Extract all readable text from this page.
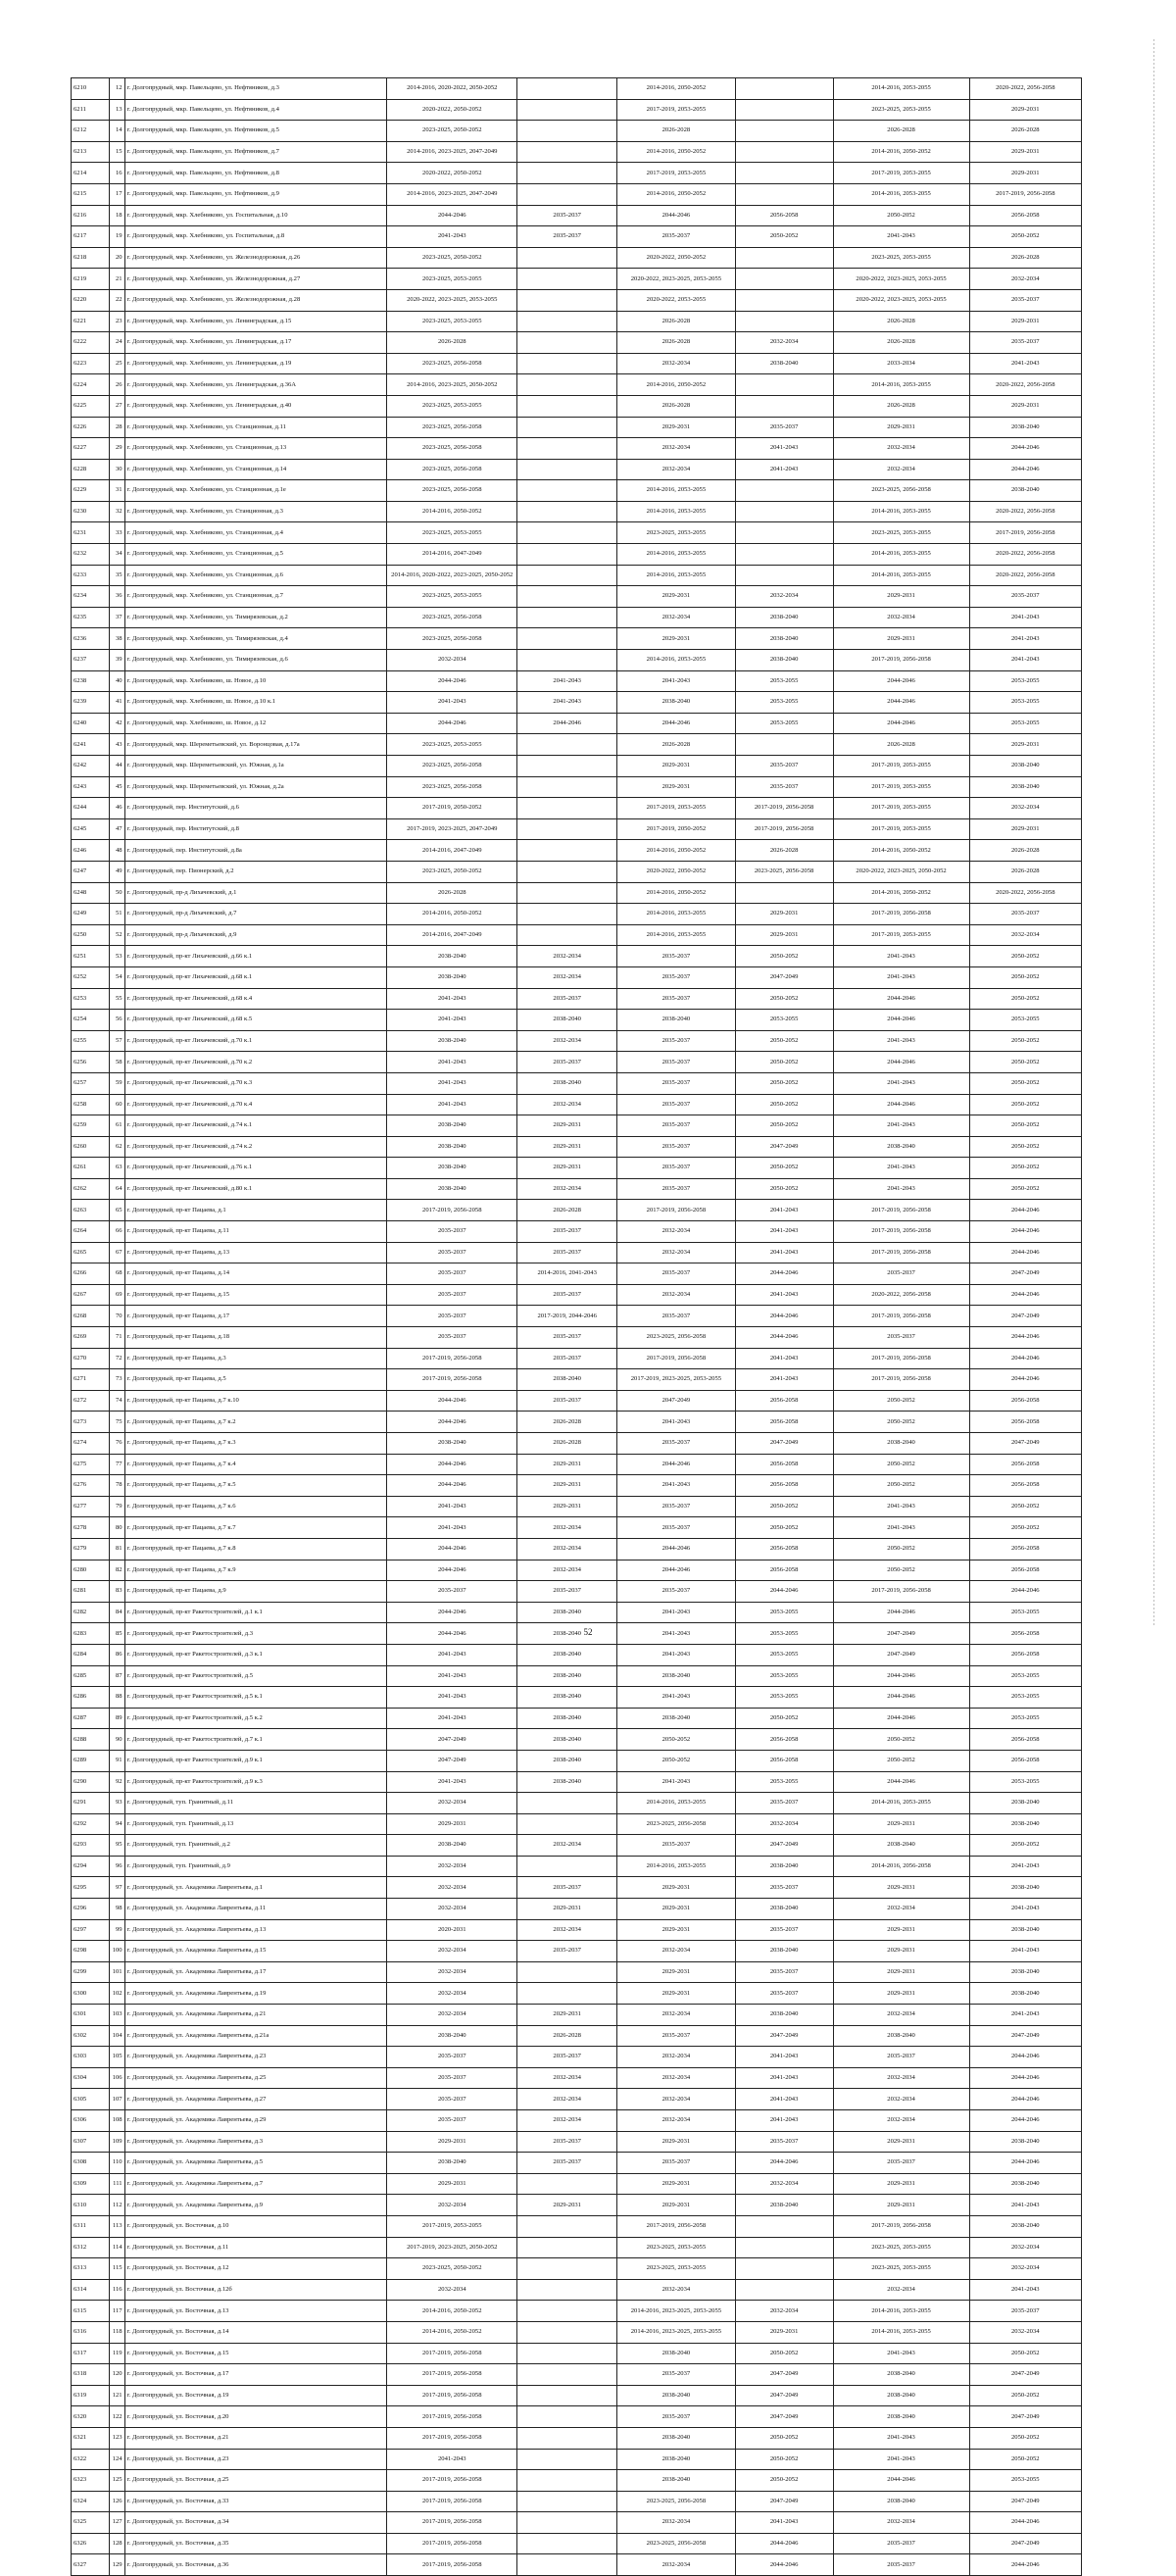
6210	12	г. Долгопрудный, мкр. Павельцево, ул. Нефтяников, д.3	2014-2016, 2020-2022, 2050-2052		2014-2016, 2050-2052		2014-2016, 2053-2055	2020-2022, 2056-2058
6211	13	г. Долгопрудный, мкр. Павельцево, ул. Нефтяников, д.4	2020-2022, 2050-2052		2017-2019, 2053-2055		2023-2025, 2053-2055	2029-2031
6212	14	г. Долгопрудный, мкр. Павельцево, ул. Нефтяников, д.5	2023-2025, 2050-2052		2026-2028		2026-2028	2026-2028
6213	15	г. Долгопрудный, мкр. Павельцево, ул. Нефтяников, д.7	2014-2016, 2023-2025, 2047-2049		2014-2016, 2050-2052		2014-2016, 2050-2052	2029-2031
6214	16	г. Долгопрудный, мкр. Павельцево, ул. Нефтяников, д.8	2020-2022, 2050-2052		2017-2019, 2053-2055		2017-2019, 2053-2055	2029-2031
6215	17	г. Долгопрудный, мкр. Павельцево, ул. Нефтяников, д.9	2014-2016, 2023-2025, 2047-2049		2014-2016, 2050-2052		2014-2016, 2053-2055	2017-2019, 2056-2058
6216	18	г. Долгопрудный, мкр. Хлебниково, ул. Госпитальная, д.10	2044-2046	2035-2037	2044-2046	2056-2058	2050-2052	2056-2058
6217	19	г. Долгопрудный, мкр. Хлебниково, ул. Госпитальная, д.8	2041-2043	2035-2037	2035-2037	2050-2052	2041-2043	2050-2052
6218	20	г. Долгопрудный, мкр. Хлебниково, ул. Железнодорожная, д.26	2023-2025, 2050-2052		2020-2022, 2050-2052		2023-2025, 2053-2055	2026-2028
6219	21	г. Долгопрудный, мкр. Хлебниково, ул. Железнодорожная, д.27	2023-2025, 2053-2055		2020-2022, 2023-2025, 2053-2055		2020-2022, 2023-2025, 2053-2055	2032-2034
6220	22	г. Долгопрудный, мкр. Хлебниково, ул. Железнодорожная, д.28	2020-2022, 2023-2025, 2053-2055		2020-2022, 2053-2055		2020-2022, 2023-2025, 2053-2055	2035-2037
6221	23	г. Долгопрудный, мкр. Хлебниково, ул. Ленинградская, д.15	2023-2025, 2053-2055		2026-2028		2026-2028	2029-2031
6222	24	г. Долгопрудный, мкр. Хлебниково, ул. Ленинградская, д.17	2026-2028		2026-2028	2032-2034	2026-2028	2035-2037
6223	25	г. Долгопрудный, мкр. Хлебниково, ул. Ленинградская, д.19	2023-2025, 2056-2058		2032-2034	2038-2040	2033-2034	2041-2043
6224	26	г. Долгопрудный, мкр. Хлебниково, ул. Ленинградская, д.36А	2014-2016, 2023-2025, 2050-2052		2014-2016, 2050-2052		2014-2016, 2053-2055	2020-2022, 2056-2058
6225	27	г. Долгопрудный, мкр. Хлебниково, ул. Ленинградская, д.40	2023-2025, 2053-2055		2026-2028		2026-2028	2029-2031
6226	28	г. Долгопрудный, мкр. Хлебниково, ул. Станционная, д.11	2023-2025, 2056-2058		2029-2031	2035-2037	2029-2031	2038-2040
6227	29	г. Долгопрудный, мкр. Хлебниково, ул. Станционная, д.13	2023-2025, 2056-2058		2032-2034	2041-2043	2032-2034	2044-2046
6228	30	г. Долгопрудный, мкр. Хлебниково, ул. Станционная, д.14	2023-2025, 2056-2058		2032-2034	2041-2043	2032-2034	2044-2046
6229	31	г. Долгопрудный, мкр. Хлебниково, ул. Станционная, д.1е	2023-2025, 2056-2058		2014-2016, 2053-2055		2023-2025, 2056-2058	2038-2040
6230	32	г. Долгопрудный, мкр. Хлебниково, ул. Станционная, д.3	2014-2016, 2050-2052		2014-2016, 2053-2055		2014-2016, 2053-2055	2020-2022, 2056-2058
6231	33	г. Долгопрудный, мкр. Хлебниково, ул. Станционная, д.4	2023-2025, 2053-2055		2023-2025, 2053-2055		2023-2025, 2053-2055	2017-2019, 2056-2058
6232	34	г. Долгопрудный, мкр. Хлебниково, ул. Станционная, д.5	2014-2016, 2047-2049		2014-2016, 2053-2055		2014-2016, 2053-2055	2020-2022, 2056-2058
6233	35	г. Долгопрудный, мкр. Хлебниково, ул. Станционная, д.6	2014-2016, 2020-2022, 2023-2025, 2050-2052		2014-2016, 2053-2055		2014-2016, 2053-2055	2020-2022, 2056-2058
6234	36	г. Долгопрудный, мкр. Хлебниково, ул. Станционная, д.7	2023-2025, 2053-2055		2029-2031	2032-2034	2029-2031	2035-2037
6235	37	г. Долгопрудный, мкр. Хлебниково, ул. Тимирязевская, д.2	2023-2025, 2056-2058		2032-2034	2038-2040	2032-2034	2041-2043
6236	38	г. Долгопрудный, мкр. Хлебниково, ул. Тимирязевская, д.4	2023-2025, 2056-2058		2029-2031	2038-2040	2029-2031	2041-2043
6237	39	г. Долгопрудный, мкр. Хлебниково, ул. Тимирязевская, д.6	2032-2034		2014-2016, 2053-2055	2038-2040	2017-2019, 2056-2058	2041-2043
6238	40	г. Долгопрудный, мкр. Хлебниково, ш. Новое, д.10	2044-2046	2041-2043	2041-2043	2053-2055	2044-2046	2053-2055
6239	41	г. Долгопрудный, мкр. Хлебниково, ш. Новое, д.10 к.1	2041-2043	2041-2043	2038-2040	2053-2055	2044-2046	2053-2055
6240	42	г. Долгопрудный, мкр. Хлебниково, ш. Новое, д.12	2044-2046	2044-2046	2044-2046	2053-2055	2044-2046	2053-2055
6241	43	г. Долгопрудный, мкр. Шереметьевский, ул. Воронцовая, д.17а	2023-2025, 2053-2055		2026-2028		2026-2028	2029-2031
6242	44	г. Долгопрудный, мкр. Шереметьевский, ул. Южная, д.1а	2023-2025, 2056-2058		2029-2031	2035-2037	2017-2019, 2053-2055	2038-2040
6243	45	г. Долгопрудный, мкр. Шереметьевский, ул. Южная, д.2а	2023-2025, 2056-2058		2029-2031	2035-2037	2017-2019, 2053-2055	2038-2040
6244	46	г. Долгопрудный, пер. Институтский, д.6	2017-2019, 2050-2052		2017-2019, 2053-2055	2017-2019, 2056-2058	2017-2019, 2053-2055	2032-2034
6245	47	г. Долгопрудный, пер. Институтский, д.8	2017-2019, 2023-2025, 2047-2049		2017-2019, 2050-2052	2017-2019, 2056-2058	2017-2019, 2053-2055	2029-2031
6246	48	г. Долгопрудный, пер. Институтский, д.8а	2014-2016, 2047-2049		2014-2016, 2050-2052	2026-2028	2014-2016, 2050-2052	2026-2028
6247	49	г. Долгопрудный, пер. Пионерский, д.2	2023-2025, 2050-2052		2020-2022, 2050-2052	2023-2025, 2056-2058	2020-2022, 2023-2025, 2050-2052	2026-2028
6248	50	г. Долгопрудный, пр-д Лихачевский, д.1	2026-2028		2014-2016, 2050-2052		2014-2016, 2050-2052	2020-2022, 2056-2058
6249	51	г. Долгопрудный, пр-д Лихачевский, д.7	2014-2016, 2050-2052		2014-2016, 2053-2055	2029-2031	2017-2019, 2056-2058	2035-2037
6250	52	г. Долгопрудный, пр-д Лихачевский, д.9	2014-2016, 2047-2049		2014-2016, 2053-2055	2029-2031	2017-2019, 2053-2055	2032-2034
6251	53	г. Долгопрудный, пр-кт Лихачевский, д.66 к.1	2038-2040	2032-2034	2035-2037	2050-2052	2041-2043	2050-2052
6252	54	г. Долгопрудный, пр-кт Лихачевский, д.68 к.1	2038-2040	2032-2034	2035-2037	2047-2049	2041-2043	2050-2052
6253	55	г. Долгопрудный, пр-кт Лихачевский, д.68 к.4	2041-2043	2035-2037	2035-2037	2050-2052	2044-2046	2050-2052
6254	56	г. Долгопрудный, пр-кт Лихачевский, д.68 к.5	2041-2043	2038-2040	2038-2040	2053-2055	2044-2046	2053-2055
6255	57	г. Долгопрудный, пр-кт Лихачевский, д.70 к.1	2038-2040	2032-2034	2035-2037	2050-2052	2041-2043	2050-2052
6256	58	г. Долгопрудный, пр-кт Лихачевский, д.70 к.2	2041-2043	2035-2037	2035-2037	2050-2052	2044-2046	2050-2052
6257	59	г. Долгопрудный, пр-кт Лихачевский, д.70 к.3	2041-2043	2038-2040	2035-2037	2050-2052	2041-2043	2050-2052
6258	60	г. Долгопрудный, пр-кт Лихачевский, д.70 к.4	2041-2043	2032-2034	2035-2037	2050-2052	2044-2046	2050-2052
6259	61	г. Долгопрудный, пр-кт Лихачевский, д.74 к.1	2038-2040	2029-2031	2035-2037	2050-2052	2041-2043	2050-2052
6260	62	г. Долгопрудный, пр-кт Лихачевский, д.74 к.2	2038-2040	2029-2031	2035-2037	2047-2049	2038-2040	2050-2052
6261	63	г. Долгопрудный, пр-кт Лихачевский, д.76 к.1	2038-2040	2029-2031	2035-2037	2050-2052	2041-2043	2050-2052
6262	64	г. Долгопрудный, пр-кт Лихачевский, д.80 к.1	2038-2040	2032-2034	2035-2037	2050-2052	2041-2043	2050-2052
6263	65	г. Долгопрудный, пр-кт Пацаева, д.1	2017-2019, 2056-2058	2026-2028	2017-2019, 2056-2058	2041-2043	2017-2019, 2056-2058	2044-2046
6264	66	г. Долгопрудный, пр-кт Пацаева, д.11	2035-2037	2035-2037	2032-2034	2041-2043	2017-2019, 2056-2058	2044-2046
6265	67	г. Долгопрудный, пр-кт Пацаева, д.13	2035-2037	2035-2037	2032-2034	2041-2043	2017-2019, 2056-2058	2044-2046
6266	68	г. Долгопрудный, пр-кт Пацаева, д.14	2035-2037	2014-2016, 2041-2043	2035-2037	2044-2046	2035-2037	2047-2049
6267	69	г. Долгопрудный, пр-кт Пацаева, д.15	2035-2037	2035-2037	2032-2034	2041-2043	2020-2022, 2056-2058	2044-2046
6268	70	г. Долгопрудный, пр-кт Пацаева, д.17	2035-2037	2017-2019, 2044-2046	2035-2037	2044-2046	2017-2019, 2056-2058	2047-2049
6269	71	г. Долгопрудный, пр-кт Пацаева, д.18	2035-2037	2035-2037	2023-2025, 2056-2058	2044-2046	2035-2037	2044-2046
6270	72	г. Долгопрудный, пр-кт Пацаева, д.3	2017-2019, 2056-2058	2035-2037	2017-2019, 2056-2058	2041-2043	2017-2019, 2056-2058	2044-2046
6271	73	г. Долгопрудный, пр-кт Пацаева, д.5	2017-2019, 2056-2058	2038-2040	2017-2019, 2023-2025, 2053-2055	2041-2043	2017-2019, 2056-2058	2044-2046
6272	74	г. Долгопрудный, пр-кт Пацаева, д.7 к.10	2044-2046	2035-2037	2047-2049	2056-2058	2050-2052	2056-2058
6273	75	г. Долгопрудный, пр-кт Пацаева, д.7 к.2	2044-2046	2026-2028	2041-2043	2056-2058	2050-2052	2056-2058
6274	76	г. Долгопрудный, пр-кт Пацаева, д.7 к.3	2038-2040	2026-2028	2035-2037	2047-2049	2038-2040	2047-2049
6275	77	г. Долгопрудный, пр-кт Пацаева, д.7 к.4	2044-2046	2029-2031	2044-2046	2056-2058	2050-2052	2056-2058
6276	78	г. Долгопрудный, пр-кт Пацаева, д.7 к.5	2044-2046	2029-2031	2041-2043	2056-2058	2050-2052	2056-2058
6277	79	г. Долгопрудный, пр-кт Пацаева, д.7 к.6	2041-2043	2029-2031	2035-2037	2050-2052	2041-2043	2050-2052
6278	80	г. Долгопрудный, пр-кт Пацаева, д.7 к.7	2041-2043	2032-2034	2035-2037	2050-2052	2041-2043	2050-2052
6279	81	г. Долгопрудный, пр-кт Пацаева, д.7 к.8	2044-2046	2032-2034	2044-2046	2056-2058	2050-2052	2056-2058
6280	82	г. Долгопрудный, пр-кт Пацаева, д.7 к.9	2044-2046	2032-2034	2044-2046	2056-2058	2050-2052	2056-2058
6281	83	г. Долгопрудный, пр-кт Пацаева, д.9	2035-2037	2035-2037	2035-2037	2044-2046	2017-2019, 2056-2058	2044-2046
6282	84	г. Долгопрудный, пр-кт Ракетостроителей, д.1 к.1	2044-2046	2038-2040	2041-2043	2053-2055	2044-2046	2053-2055
6283	85	г. Долгопрудный, пр-кт Ракетостроителей, д.3	2044-2046	2038-2040	2041-2043	2053-2055	2047-2049	2056-2058
6284	86	г. Долгопрудный, пр-кт Ракетостроителей, д.3 к.1	2041-2043	2038-2040	2041-2043	2053-2055	2047-2049	2056-2058
6285	87	г. Долгопрудный, пр-кт Ракетостроителей, д.5	2041-2043	2038-2040	2038-2040	2053-2055	2044-2046	2053-2055
6286	88	г. Долгопрудный, пр-кт Ракетостроителей, д.5 к.1	2041-2043	2038-2040	2041-2043	2053-2055	2044-2046	2053-2055
6287	89	г. Долгопрудный, пр-кт Ракетостроителей, д.5 к.2	2041-2043	2038-2040	2038-2040	2050-2052	2044-2046	2053-2055
6288	90	г. Долгопрудный, пр-кт Ракетостроителей, д.7 к.1	2047-2049	2038-2040	2050-2052	2056-2058	2050-2052	2056-2058
6289	91	г. Долгопрудный, пр-кт Ракетостроителей, д.9 к.1	2047-2049	2038-2040	2050-2052	2056-2058	2050-2052	2056-2058
6290	92	г. Долгопрудный, пр-кт Ракетостроителей, д.9 к.3	2041-2043	2038-2040	2041-2043	2053-2055	2044-2046	2053-2055
6291	93	г. Долгопрудный, туп. Гранитный, д.11	2032-2034		2014-2016, 2053-2055	2035-2037	2014-2016, 2053-2055	2038-2040
6292	94	г. Долгопрудный, туп. Гранитный, д.13	2029-2031		2023-2025, 2056-2058	2032-2034	2029-2031	2038-2040
6293	95	г. Долгопрудный, туп. Гранитный, д.2	2038-2040	2032-2034	2035-2037	2047-2049	2038-2040	2050-2052
6294	96	г. Долгопрудный, туп. Гранитный, д.9	2032-2034		2014-2016, 2053-2055	2038-2040	2014-2016, 2056-2058	2041-2043
6295	97	г. Долгопрудный, ул. Академика Лаврентьева, д.1	2032-2034	2035-2037	2029-2031	2035-2037	2029-2031	2038-2040
6296	98	г. Долгопрудный, ул. Академика Лаврентьева, д.11	2032-2034	2029-2031	2029-2031	2038-2040	2032-2034	2041-2043
6297	99	г. Долгопрудный, ул. Академика Лаврентьева, д.13	2020-2031	2032-2034	2029-2031	2035-2037	2029-2031	2038-2040
6298	100	г. Долгопрудный, ул. Академика Лаврентьева, д.15	2032-2034	2035-2037	2032-2034	2038-2040	2029-2031	2041-2043
6299	101	г. Долгопрудный, ул. Академика Лаврентьева, д.17	2032-2034		2029-2031	2035-2037	2029-2031	2038-2040
6300	102	г. Долгопрудный, ул. Академика Лаврентьева, д.19	2032-2034		2029-2031	2035-2037	2029-2031	2038-2040
6301	103	г. Долгопрудный, ул. Академика Лаврентьева, д.21	2032-2034	2029-2031	2032-2034	2038-2040	2032-2034	2041-2043
6302	104	г. Долгопрудный, ул. Академика Лаврентьева, д.21а	2038-2040	2026-2028	2035-2037	2047-2049	2038-2040	2047-2049
6303	105	г. Долгопрудный, ул. Академика Лаврентьева, д.23	2035-2037	2035-2037	2032-2034	2041-2043	2035-2037	2044-2046
6304	106	г. Долгопрудный, ул. Академика Лаврентьева, д.25	2035-2037	2032-2034	2032-2034	2041-2043	2032-2034	2044-2046
6305	107	г. Долгопрудный, ул. Академика Лаврентьева, д.27	2035-2037	2032-2034	2032-2034	2041-2043	2032-2034	2044-2046
6306	108	г. Долгопрудный, ул. Академика Лаврентьева, д.29	2035-2037	2032-2034	2032-2034	2041-2043	2032-2034	2044-2046
6307	109	г. Долгопрудный, ул. Академика Лаврентьева, д.3	2029-2031	2035-2037	2029-2031	2035-2037	2029-2031	2038-2040
6308	110	г. Долгопрудный, ул. Академика Лаврентьева, д.5	2038-2040	2035-2037	2035-2037	2044-2046	2035-2037	2044-2046
6309	111	г. Долгопрудный, ул. Академика Лаврентьева, д.7	2029-2031		2029-2031	2032-2034	2029-2031	2038-2040
6310	112	г. Долгопрудный, ул. Академика Лаврентьева, д.9	2032-2034	2029-2031	2029-2031	2038-2040	2029-2031	2041-2043
6311	113	г. Долгопрудный, ул. Восточная, д.10	2017-2019, 2053-2055		2017-2019, 2056-2058		2017-2019, 2056-2058	2038-2040
6312	114	г. Долгопрудный, ул. Восточная, д.11	2017-2019, 2023-2025, 2050-2052		2023-2025, 2053-2055		2023-2025, 2053-2055	2032-2034
6313	115	г. Долгопрудный, ул. Восточная, д.12	2023-2025, 2050-2052		2023-2025, 2053-2055		2023-2025, 2053-2055	2032-2034
6314	116	г. Долгопрудный, ул. Восточная, д.12б	2032-2034		2032-2034		2032-2034	2041-2043
6315	117	г. Долгопрудный, ул. Восточная, д.13	2014-2016, 2050-2052		2014-2016, 2023-2025, 2053-2055	2032-2034	2014-2016, 2053-2055	2035-2037
6316	118	г. Долгопрудный, ул. Восточная, д.14	2014-2016, 2050-2052		2014-2016, 2023-2025, 2053-2055	2029-2031	2014-2016, 2053-2055	2032-2034
6317	119	г. Долгопрудный, ул. Восточная, д.15	2017-2019, 2056-2058		2038-2040	2050-2052	2041-2043	2050-2052
6318	120	г. Долгопрудный, ул. Восточная, д.17	2017-2019, 2056-2058		2035-2037	2047-2049	2038-2040	2047-2049
6319	121	г. Долгопрудный, ул. Восточная, д.19	2017-2019, 2056-2058		2038-2040	2047-2049	2038-2040	2050-2052
6320	122	г. Долгопрудный, ул. Восточная, д.20	2017-2019, 2056-2058		2035-2037	2047-2049	2038-2040	2047-2049
6321	123	г. Долгопрудный, ул. Восточная, д.21	2017-2019, 2056-2058		2038-2040	2050-2052	2041-2043	2050-2052
6322	124	г. Долгопрудный, ул. Восточная, д.23	2041-2043		2038-2040	2050-2052	2041-2043	2050-2052
6323	125	г. Долгопрудный, ул. Восточная, д.25	2017-2019, 2056-2058		2038-2040	2050-2052	2044-2046	2053-2055
6324	126	г. Долгопрудный, ул. Восточная, д.33	2017-2019, 2056-2058		2023-2025, 2056-2058	2047-2049	2038-2040	2047-2049
6325	127	г. Долгопрудный, ул. Восточная, д.34	2017-2019, 2056-2058		2032-2034	2041-2043	2032-2034	2044-2046
6326	128	г. Долгопрудный, ул. Восточная, д.35	2017-2019, 2056-2058		2023-2025, 2056-2058	2044-2046	2035-2037	2047-2049
6327	129	г. Долгопрудный, ул. Восточная, д.36	2017-2019, 2056-2058		2032-2034	2044-2046	2035-2037	2044-2046
52
